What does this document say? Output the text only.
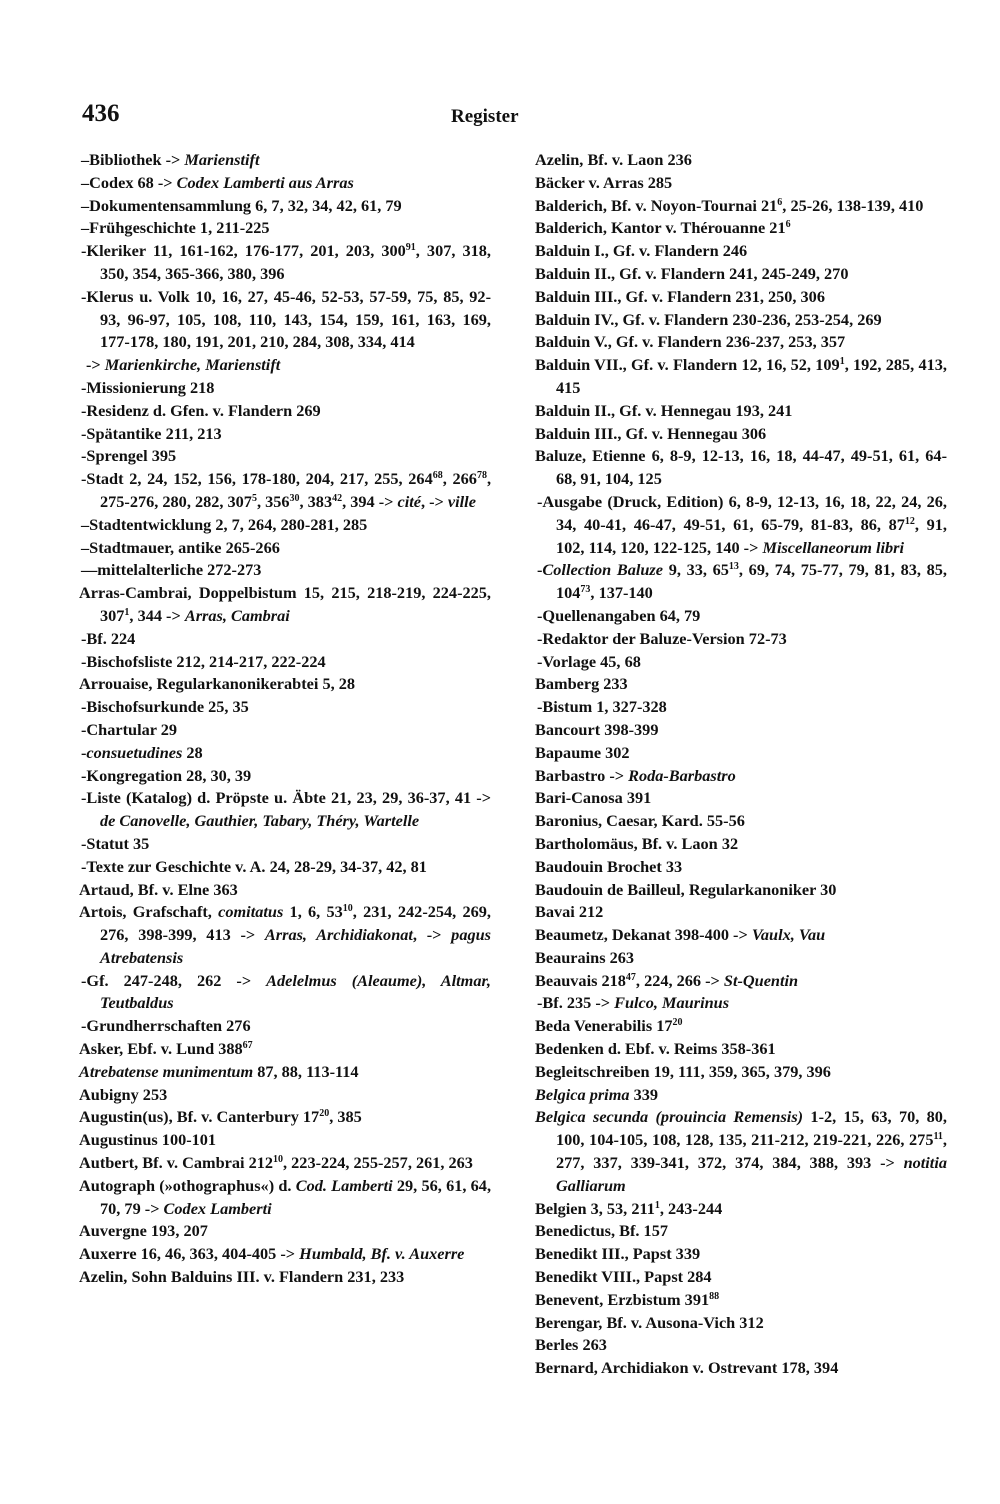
436	Register

–Bibliothek -> Marienstift

–Codex 68 -> Codex Lamberti aus Arras

–Dokumentensammlung 6, 7, 32, 34, 42, 61, 79

–Frühgeschichte 1, 211-225

-Kleriker 11, 161-162, 176-177, 201, 203, $300^{91}$, 307, 318, 350, 354, 365-366, 380, 396

-Klerus u. Volk 10, 16, 27, 45-46, 52-53, 57-59, 75, 85, 92-93, 96-97, 105, 108, 110, 143, 154, 159, 161, 163, 169, 177-178, 180, 191, 201, 210, 284, 308, 334, 414

-> Marienkirche, Marienstift

-Missionierung 218

-Residenz d. Gfen. v. Flandern 269

-Spätantike 211, 213

-Sprengel 395

-Stadt 2, 24, 152, 156, 178-180, 204, 217, 255, $264^{68}$, $266^{78}$, 275-276, 280, 282, $307^5$, $356^{30}$, $383^{42}$, 394 -> cité, -> ville

–Stadtentwicklung 2, 7, 264, 280-281, 285

–Stadtmauer, antike 265-266

—mittelalterliche 272-273

Arras-Cambrai, Doppelbistum 15, 215, 218-219, 224-225, $307^1$, 344 -> Arras, Cambrai

-Bf. 224

-Bischofsliste 212, 214-217, 222-224

Arrouaise, Regularkanonikerabtei 5, 28

-Bischofsurkunde 25, 35

-Chartular 29

-consuetudines 28

-Kongregation 28, 30, 39

-Liste (Katalog) d. Pröpste u. Äbte 21, 23, 29, 36-37, 41 -> de Canovelle, Gauthier, Tabary, Théry, Wartelle

-Statut 35

-Texte zur Geschichte v. A. 24, 28-29, 34-37, 42, 81

Artaud, Bf. v. Elne 363

Artois, Grafschaft, comitatus 1, 6, $53^{10}$, 231, 242-254, 269, 276, 398-399, 413 -> Arras, Archidiakonat, -> pagus Atrebatensis

-Gf. 247-248, 262 -> Adelelmus (Aleaume), Altmar, Teutbaldus

-Grundherrschaften 276

Asker, Ebf. v. Lund $388^{67}$

Atrebatense munimentum 87, 88, 113-114

Aubigny 253

Augustin(us), Bf. v. Canterbury $17^{20}$, 385

Augustinus 100-101

Autbert, Bf. v. Cambrai $212^{10}$, 223-224, 255-257, 261, 263

Autograph (»othographus«) d. Cod. Lamberti 29, 56, 61, 64, 70, 79 -> Codex Lamberti

Auvergne 193, 207

Auxerre 16, 46, 363, 404-405 -> Humbald, Bf. v. Auxerre

Azelin, Sohn Balduins III. v. Flandern 231, 233

Azelin, Bf. v. Laon 236

Bäcker v. Arras 285

Balderich, Bf. v. Noyon-Tournai $21^6$, 25-26, 138-139, 410

Balderich, Kantor v. Thérouanne $21^6$

Balduin I., Gf. v. Flandern 246

Balduin II., Gf. v. Flandern 241, 245-249, 270

Balduin III., Gf. v. Flandern 231, 250, 306

Balduin IV., Gf. v. Flandern 230-236, 253-254, 269

Balduin V., Gf. v. Flandern 236-237, 253, 357

Balduin VII., Gf. v. Flandern 12, 16, 52, $109^1$, 192, 285, 413, 415

Balduin II., Gf. v. Hennegau 193, 241

Balduin III., Gf. v. Hennegau 306

Baluze, Etienne 6, 8-9, 12-13, 16, 18, 44-47, 49-51, 61, 64-68, 91, 104, 125

-Ausgabe (Druck, Edition) 6, 8-9, 12-13, 16, 18, 22, 24, 26, 34, 40-41, 46-47, 49-51, 61, 65-79, 81-83, 86, $87^{12}$, 91, 102, 114, 120, 122-125, 140 -> Miscellaneorum libri

-Collection Baluze 9, 33, $65^{13}$, 69, 74, 75-77, 79, 81, 83, 85, $104^{73}$, 137-140

-Quellenangaben 64, 79

-Redaktor der Baluze-Version 72-73

-Vorlage 45, 68

Bamberg 233

-Bistum 1, 327-328

Bancourt 398-399

Bapaume 302

Barbastro -> Roda-Barbastro

Bari-Canosa 391

Baronius, Caesar, Kard. 55-56

Bartholomäus, Bf. v. Laon 32

Baudouin Brochet 33

Baudouin de Bailleul, Regularkanoniker 30

Bavai 212

Beaumetz, Dekanat 398-400 -> Vaulx, Vau

Beaurains 263

Beauvais $218^{47}$, 224, 266 -> St-Quentin

-Bf. 235 -> Fulco, Maurinus

Beda Venerabilis $17^{20}$

Bedenken d. Ebf. v. Reims 358-361

Begleitschreiben 19, 111, 359, 365, 379, 396

Belgica prima 339

Belgica secunda (prouincia Remensis) 1-2, 15, 63, 70, 80, 100, 104-105, 108, 128, 135, 211-212, 219-221, 226, $275^{11}$, 277, 337, 339-341, 372, 374, 384, 388, 393 -> notitia Galliarum

Belgien 3, 53, $211^1$, 243-244

Benedictus, Bf. 157

Benedikt III., Papst 339

Benedikt VIII., Papst 284

Benevent, Erzbistum $391^{88}$

Berengar, Bf. v. Ausona-Vich 312

Berles 263

Bernard, Archidiakon v. Ostrevant 178, 394
